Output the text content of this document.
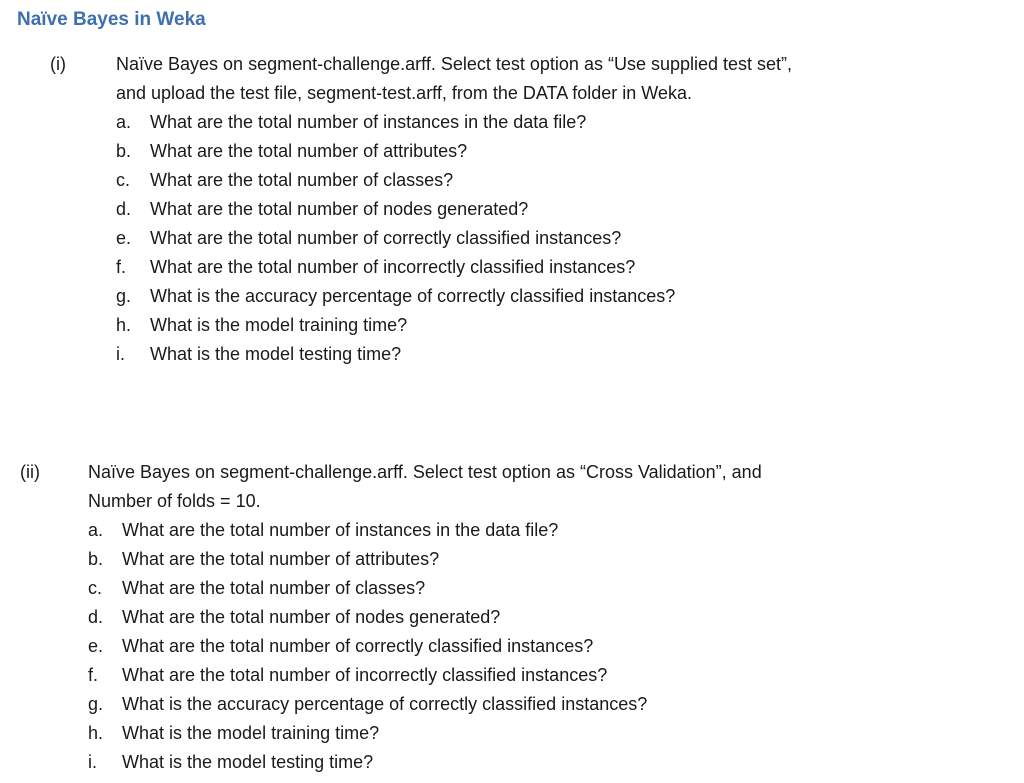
Naïve Bayes in Weka
(i)	Naïve Bayes on segment-challenge.arff. Select test option as “Use supplied test set”,
and upload the test file, segment-test.arff, from the DATA folder in Weka.
a. What are the total number of instances in the data file?
b. What are the total number of attributes?
c. What are the total number of classes?
d. What are the total number of nodes generated?
e. What are the total number of correctly classified instances?
f. What are the total number of incorrectly classified instances?
g. What is the accuracy percentage of correctly classified instances?
h. What is the model training time?
i. What is the model testing time?
(ii)	Naïve Bayes on segment-challenge.arff. Select test option as “Cross Validation”, and
Number of folds = 10.
a. What are the total number of instances in the data file?
b. What are the total number of attributes?
c. What are the total number of classes?
d. What are the total number of nodes generated?
e. What are the total number of correctly classified instances?
f. What are the total number of incorrectly classified instances?
g. What is the accuracy percentage of correctly classified instances?
h. What is the model training time?
i. What is the model testing time?
